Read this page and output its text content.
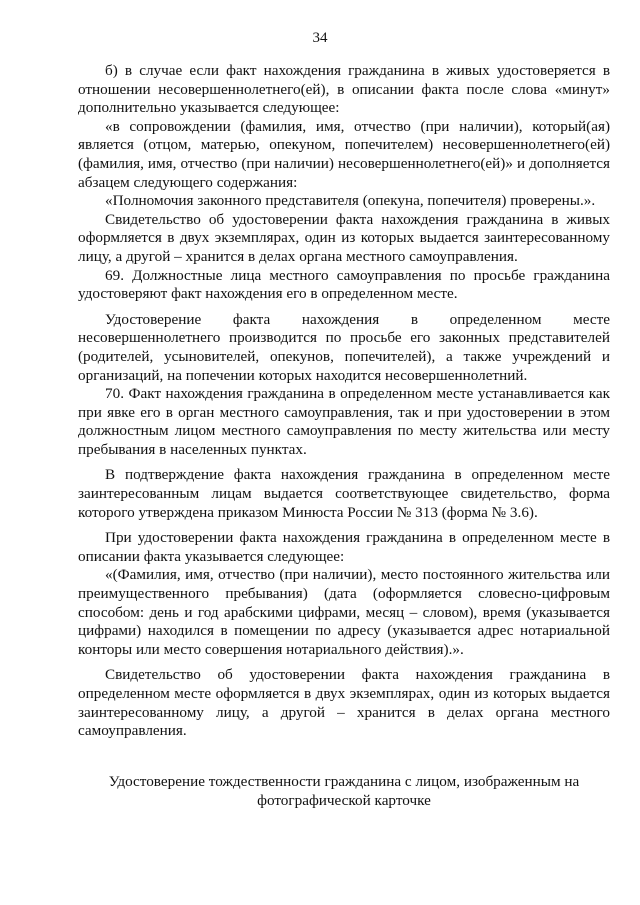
34

б) в случае если факт нахождения гражданина в живых удостоверяется в отношении несовершеннолетнего(ей), в описании факта после слова «минут» дополнительно указывается следующее:

«в сопровождении (фамилия, имя, отчество (при наличии), который(ая) является (отцом, матерью, опекуном, попечителем) несовершеннолетнего(ей) (фамилия, имя, отчество (при наличии) несовершеннолетнего(ей)» и дополняется абзацем следующего содержания:

«Полномочия законного представителя (опекуна, попечителя) проверены.».

Свидетельство об удостоверении факта нахождения гражданина в живых оформляется в двух экземплярах, один из которых выдается заинтересованному лицу, а другой – хранится в делах органа местного самоуправления.

69. Должностные лица местного самоуправления по просьбе гражданина удостоверяют факт нахождения его в определенном месте.

Удостоверение факта нахождения в определенном месте несовершеннолетнего производится по просьбе его законных представителей (родителей, усыновителей, опекунов, попечителей), а также учреждений и организаций, на попечении которых находится несовершеннолетний.

70. Факт нахождения гражданина в определенном месте устанавливается как при явке его в орган местного самоуправления, так и при удостоверении в этом должностным лицом местного самоуправления по месту жительства или месту пребывания в населенных пунктах.

В подтверждение факта нахождения гражданина в определенном месте заинтересованным лицам выдается соответствующее свидетельство, форма которого утверждена приказом Минюста России № 313 (форма № 3.6).

При удостоверении факта нахождения гражданина в определенном месте в описании факта указывается следующее:

«(Фамилия, имя, отчество (при наличии), место постоянного жительства или преимущественного пребывания) (дата (оформляется словесно-цифровым способом: день и год арабскими цифрами, месяц – словом), время (указывается цифрами) находился в помещении по адресу (указывается адрес нотариальной конторы или место совершения нотариального действия).».

Свидетельство об удостоверении факта нахождения гражданина в определенном месте оформляется в двух экземплярах, один из которых выдается заинтересованному лицу, а другой – хранится в делах органа местного самоуправления.

Удостоверение тождественности гражданина с лицом, изображенным на фотографической карточке
